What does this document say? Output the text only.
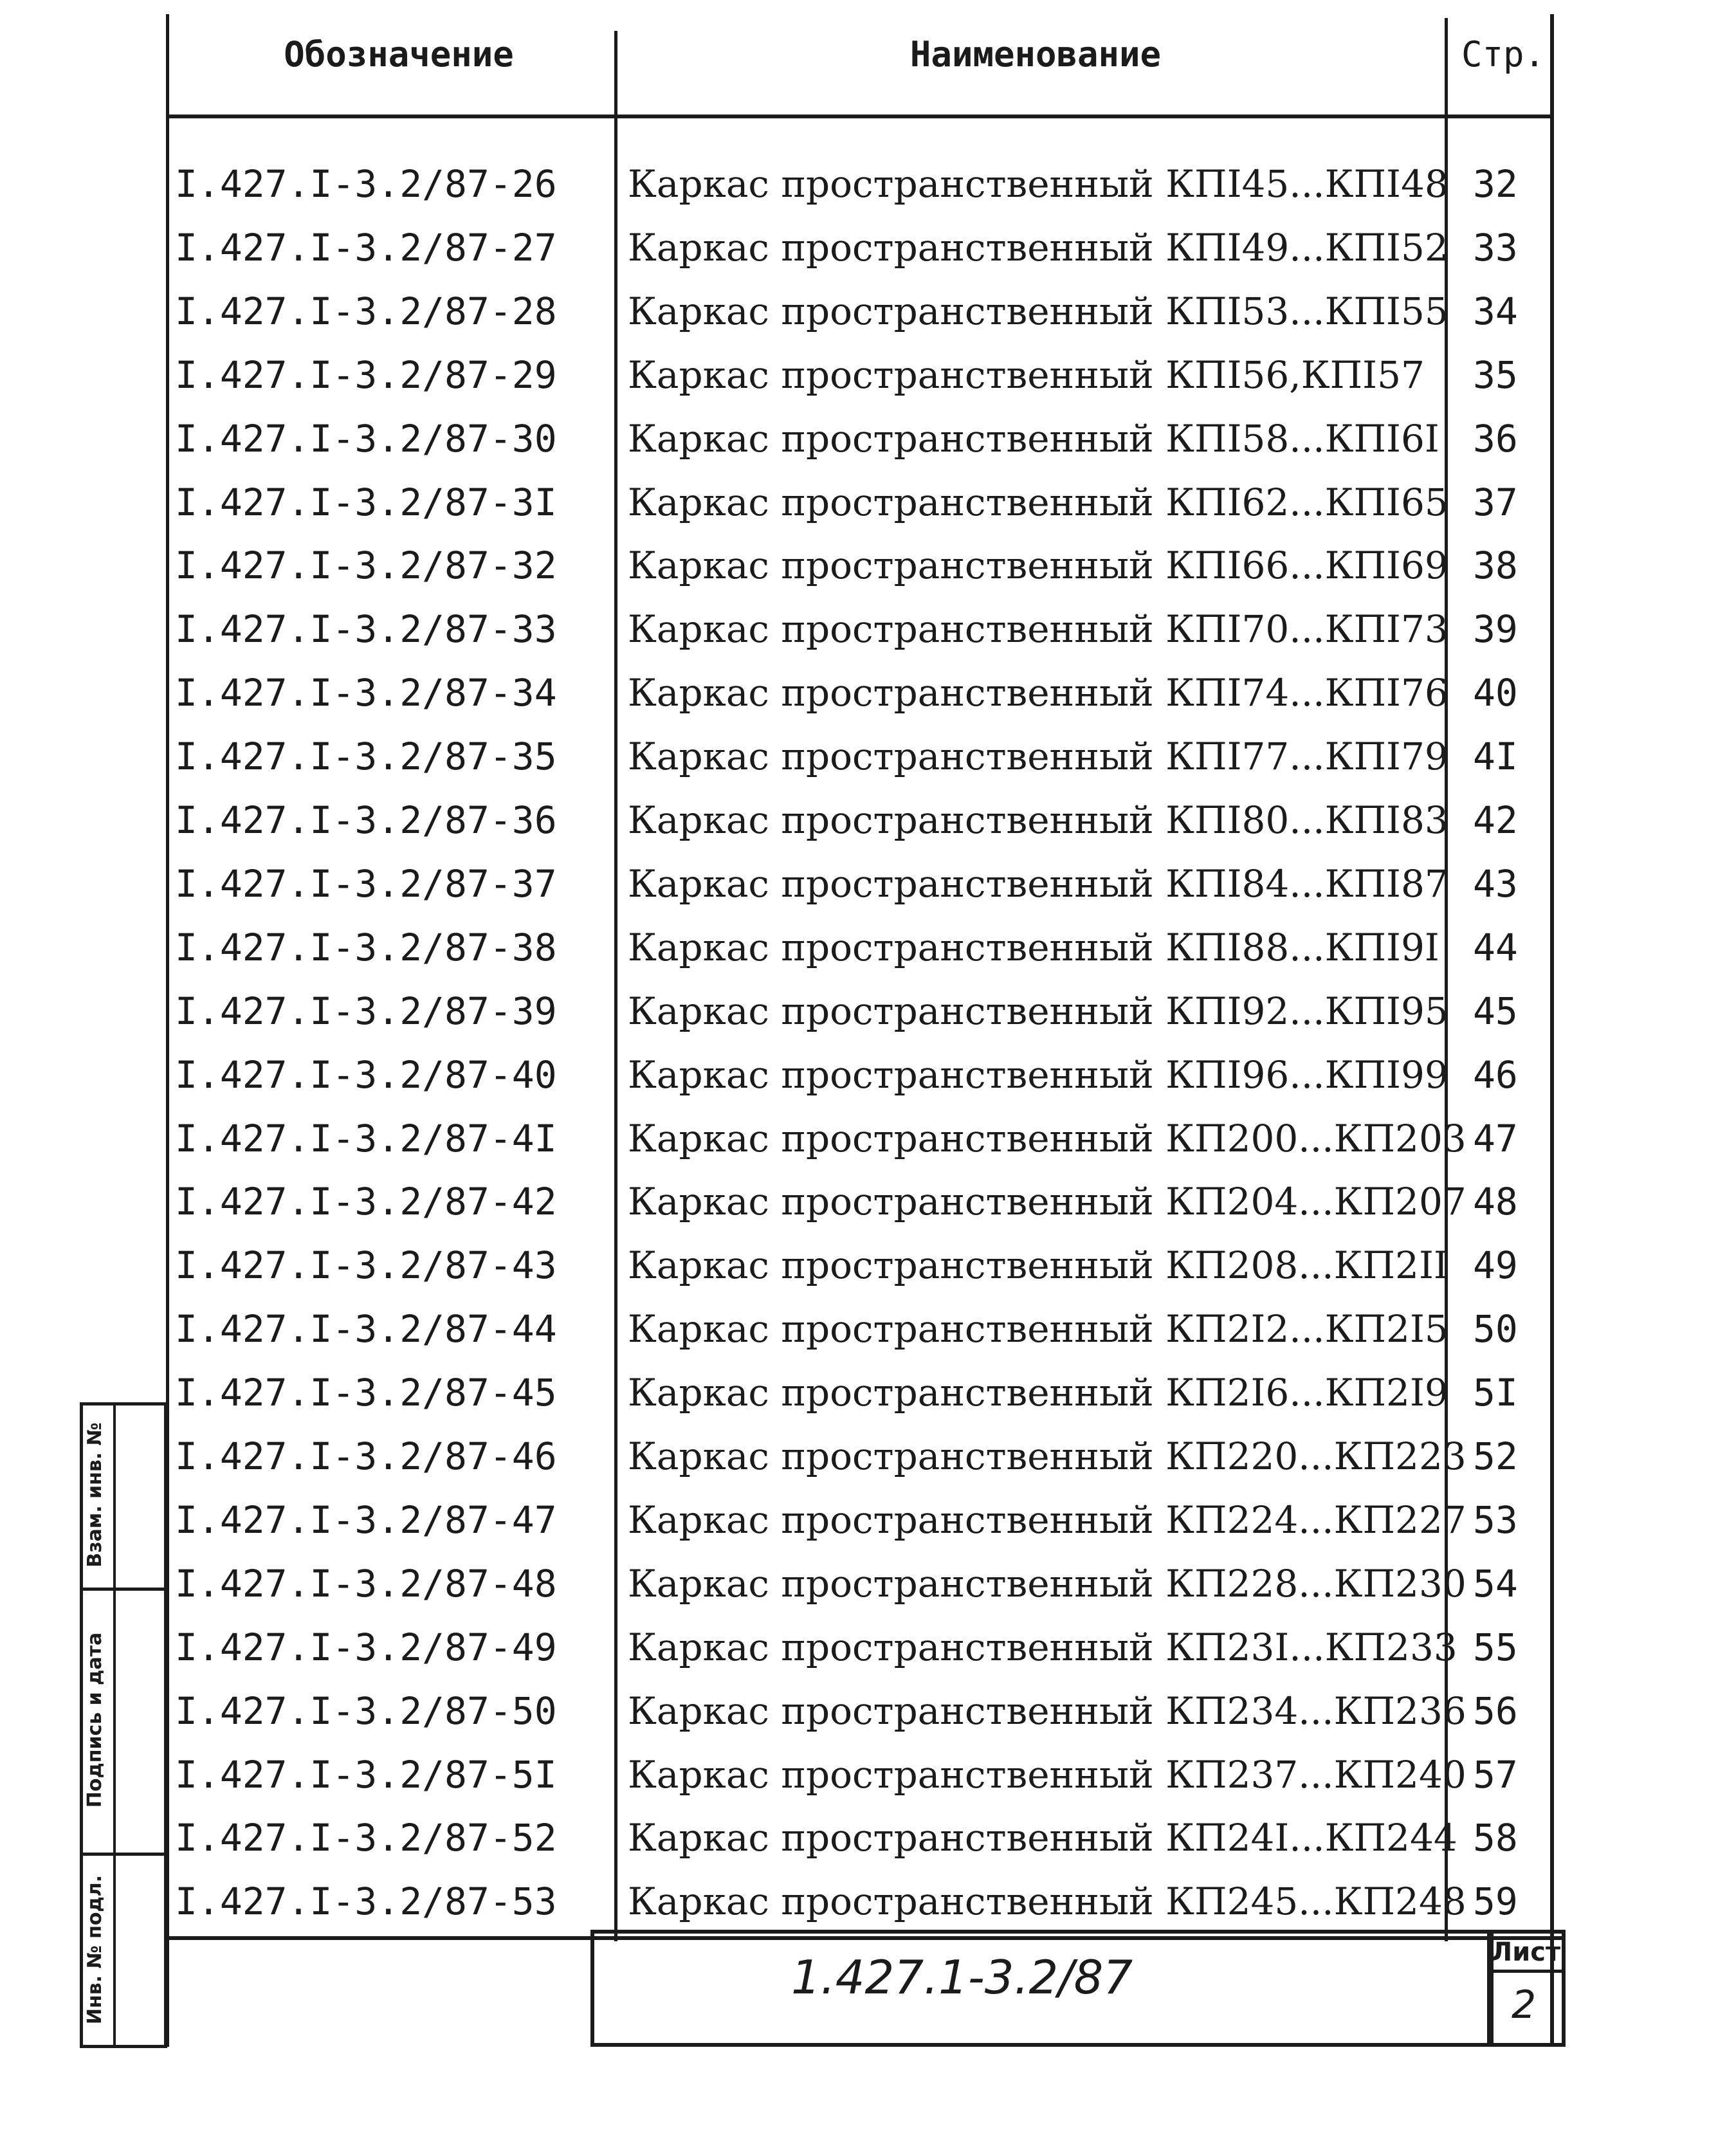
Обозначение	Наименование	Стр.
I.427.I-3.2/87-26 Каркас пространственный КПI45...КПI48 32
I.427.I-3.2/87-27 Каркас пространственный КПI49...КПI52 33
I.427.I-3.2/87-28 Каркас пространственный КПI53...КПI55 34
I.427.I-3.2/87-29 Каркас пространственный КПI56,КПI57 35
I.427.I-3.2/87-30 Каркас пространственный КПI58...КПI6I 36
I.427.I-3.2/87-3I Каркас пространственный КПI62...КПI65 37
I.427.I-3.2/87-32 Каркас пространственный КПI66...КПI69 38
I.427.I-3.2/87-33 Каркас пространственный КПI70...КПI73 39
I.427.I-3.2/87-34 Каркас пространственный КПI74...КПI76 40
I.427.I-3.2/87-35 Каркас пространственный КПI77...КПI79 4I
I.427.I-3.2/87-36 Каркас пространственный КПI80...КПI83 42
I.427.I-3.2/87-37 Каркас пространственный КПI84...КПI87 43
I.427.I-3.2/87-38 Каркас пространственный КПI88...КПI9I 44
I.427.I-3.2/87-39 Каркас пространственный КПI92...КПI95 45
I.427.I-3.2/87-40 Каркас пространственный КПI96...КПI99 46
I.427.I-3.2/87-4I Каркас пространственный КП200...КП203 47
I.427.I-3.2/87-42 Каркас пространственный КП204...КП207 48
I.427.I-3.2/87-43 Каркас пространственный КП208...КП2II 49
I.427.I-3.2/87-44 Каркас пространственный КП2I2...КП2I5 50
I.427.I-3.2/87-45 Каркас пространственный КП2I6...КП2I9 5I
I.427.I-3.2/87-46 Каркас пространственный КП220...КП223 52
I.427.I-3.2/87-47 Каркас пространственный КП224...КП227 53
I.427.I-3.2/87-48 Каркас пространственный КП228...КП230 54
I.427.I-3.2/87-49 Каркас пространственный КП23I...КП233 55
I.427.I-3.2/87-50 Каркас пространственный КП234...КП236 56
I.427.I-3.2/87-5I Каркас пространственный КП237...КП240 57
I.427.I-3.2/87-52 Каркас пространственный КП24I...КП244 58
I.427.I-3.2/87-53 Каркас пространственный КП245...КП248 59
1.427.1-3.2/87	Лист
2
Взам. инв. №
Подпись и дата
Инв. № подл.
